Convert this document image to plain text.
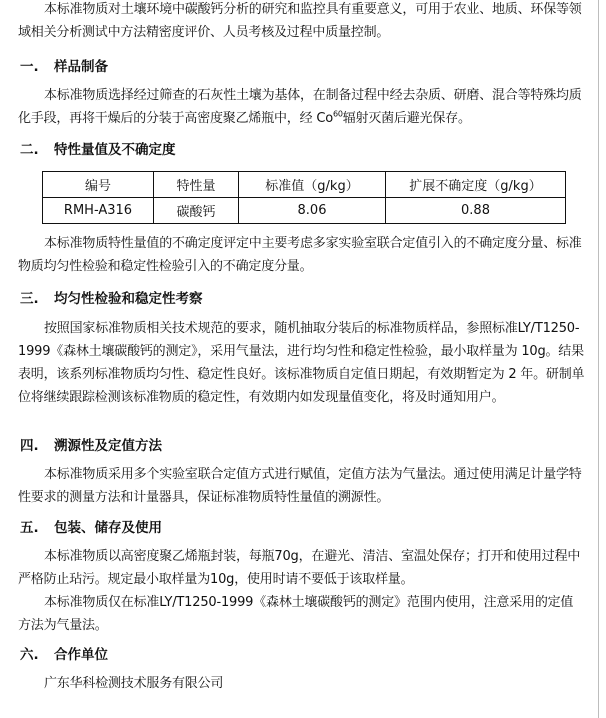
本标准物质对土壤环境中碳酸钙分析的研究和监控具有重要意义，可用于农业、地质、环保等领域相关分析测试中方法精密度评价、人员考核及过程中质量控制。
一. 样品制备
本标准物质选择经过筛查的石灰性土壤为基体，在制备过程中经去杂质、研磨、混合等特殊均质化手段，再将干燥后的分装于高密度聚乙烯瓶中，经 Co$^{60}$辐射灭菌后避光保存。
二. 特性量值及不确定度
编号	特性量	标准值（g/kg）	扩展不确定度（g/kg）
RMH-A316	碳酸钙	8.06	0.88
本标准物质特性量值的不确定度评定中主要考虑多家实验室联合定值引入的不确定度分量、标准物质均匀性检验和稳定性检验引入的不确定度分量。
三. 均匀性检验和稳定性考察
按照国家标准物质相关技术规范的要求，随机抽取分装后的标准物质样品，参照标准LY/T1250-1999《森林土壤碳酸钙的测定》，采用气量法，进行均匀性和稳定性检验，最小取样量为 10g。结果表明，该系列标准物质均匀性、稳定性良好。该标准物质自定值日期起，有效期暂定为 2 年。研制单位将继续跟踪检测该标准物质的稳定性，有效期内如发现量值变化，将及时通知用户。
四. 溯源性及定值方法
本标准物质采用多个实验室联合定值方式进行赋值，定值方法为气量法。通过使用满足计量学特性要求的测量方法和计量器具，保证标准物质特性量值的溯源性。
五. 包装、储存及使用
本标准物质以高密度聚乙烯瓶封装，每瓶70g，在避光、清洁、室温处保存；打开和使用过程中严格防止玷污。规定最小取样量为10g，使用时请不要低于该取样量。
本标准物质仅在标准LY/T1250-1999《森林土壤碳酸钙的测定》范围内使用，注意采用的定值方法为气量法。
六. 合作单位
广东华科检测技术服务有限公司
